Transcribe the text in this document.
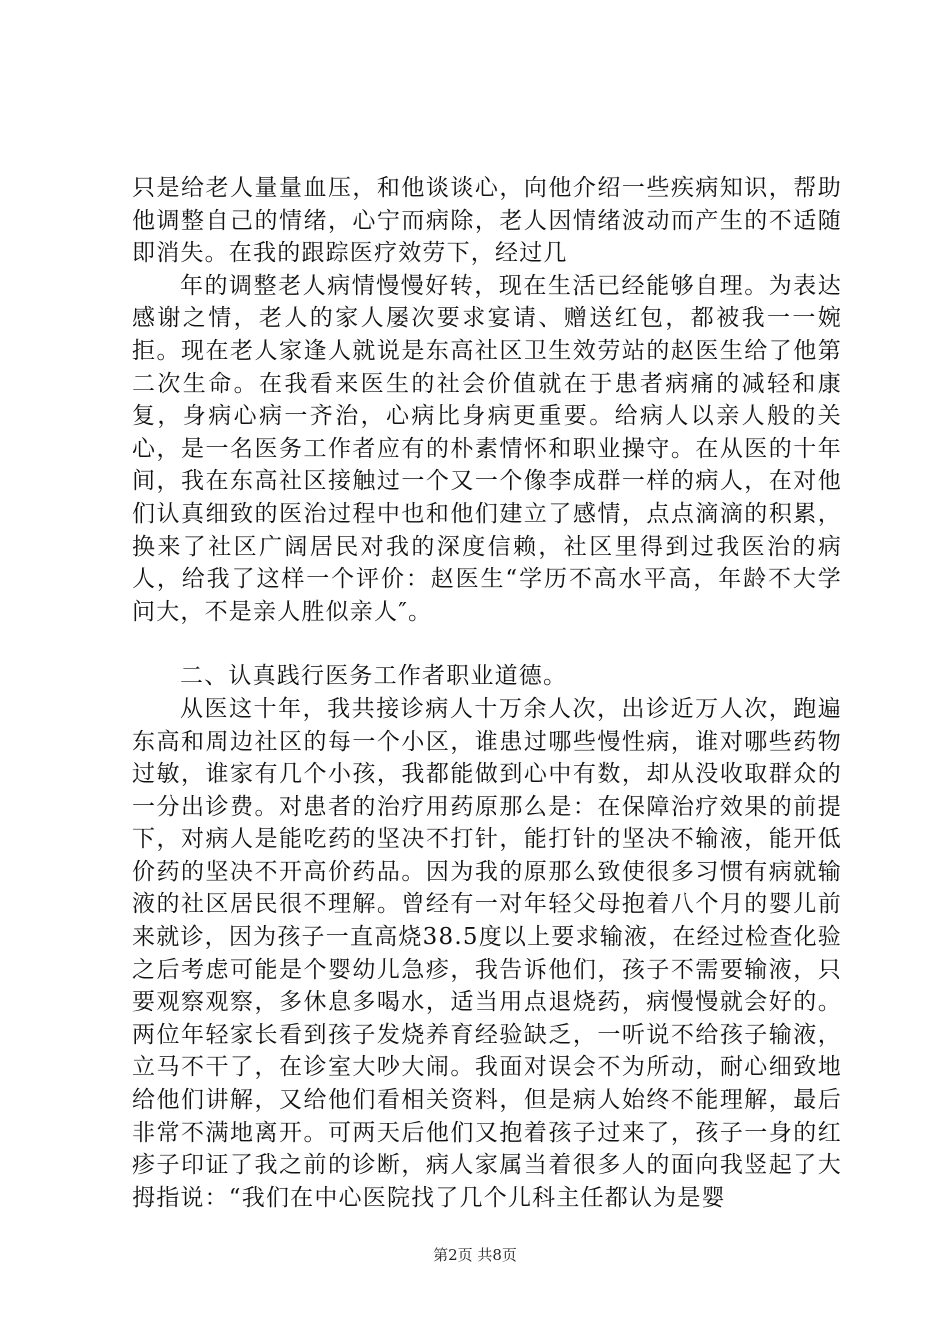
只是给老人量量血压，和他谈谈心，向他介绍一些疾病知识，帮助他调整自己的情绪，心宁而病除，老人因情绪波动而产生的不适随即消失。在我的跟踪医疗效劳下，经过几

年的调整老人病情慢慢好转，现在生活已经能够自理。为表达感谢之情，老人的家人屡次要求宴请、赠送红包，都被我一一婉拒。现在老人家逢人就说是东高社区卫生效劳站的赵医生给了他第二次生命。在我看来医生的社会价值就在于患者病痛的减轻和康复，身病心病一齐治，心病比身病更重要。给病人以亲人般的关心，是一名医务工作者应有的朴素情怀和职业操守。在从医的十年间，我在东高社区接触过一个又一个像李成群一样的病人，在对他们认真细致的医治过程中也和他们建立了感情，点点滴滴的积累，换来了社区广阔居民对我的深度信赖，社区里得到过我医治的病人，给我了这样一个评价：赵医生“学历不高水平高，年龄不大学问大，不是亲人胜似亲人″。

二、认真践行医务工作者职业道德。

从医这十年，我共接诊病人十万余人次，出诊近万人次，跑遍东高和周边社区的每一个小区，谁患过哪些慢性病，谁对哪些药物过敏，谁家有几个小孩，我都能做到心中有数，却从没收取群众的一分出诊费。对患者的治疗用药原那么是：在保障治疗效果的前提下，对病人是能吃药的坚决不打针，能打针的坚决不输液，能开低价药的坚决不开高价药品。因为我的原那么致使很多习惯有病就输液的社区居民很不理解。曾经有一对年轻父母抱着八个月的婴儿前来就诊，因为孩子一直高烧38.5度以上要求输液，在经过检查化验之后考虑可能是个婴幼儿急疹，我告诉他们，孩子不需要输液，只要观察观察，多休息多喝水，适当用点退烧药，病慢慢就会好的。两位年轻家长看到孩子发烧养育经验缺乏，一听说不给孩子输液，立马不干了，在诊室大吵大闹。我面对误会不为所动，耐心细致地给他们讲解，又给他们看相关资料，但是病人始终不能理解，最后非常不满地离开。可两天后他们又抱着孩子过来了，孩子一身的红疹子印证了我之前的诊断，病人家属当着很多人的面向我竖起了大拇指说：“我们在中心医院找了几个儿科主任都认为是婴

第2页 共8页
